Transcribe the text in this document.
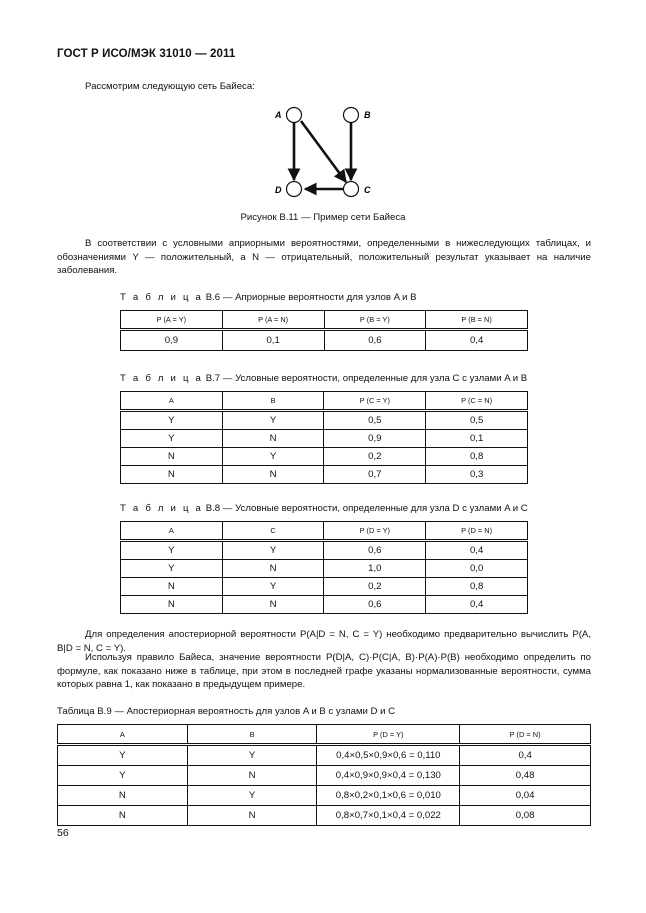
ГОСТ Р ИСО/МЭК 31010 — 2011
Рассмотрим следующую сеть Байеса:
A	B
C
D
Рисунок В.11 — Пример сети Байеса
В соответствии с условными априорными вероятностями, определенными в нижеследующих таблицах, и обозначениями Y — положительный, а N — отрицательный, положительный результат указывает на наличие заболевания.
Т а б л и ц а В.6 — Априорные вероятности для узлов A и B
P (A = Y)	P (A = N)	P (B = Y)	P (B = N)
0,9	0,1	0,6	0,4
Т а б л и ц а В.7 — Условные вероятности, определенные для узла C с узлами A и B
A	B	P (C = Y)	P (C = N)
Y	Y	0,5	0,5
Y	N	0,9	0,1
N	Y	0,2	0,8
N	N	0,7	0,3
Т а б л и ц а В.8 — Условные вероятности, определенные для узла D с узлами A и C
A	C	P (D = Y)	P (D = N)
Y	Y	0,6	0,4
Y	N	1,0	0,0
N	Y	0,2	0,8
N	N	0,6	0,4
Для определения апостериорной вероятности P(A|D = N, C = Y) необходимо предварительно вычислить P(A, B|D = N, C = Y).
Используя правило Байеса, значение вероятности P(D|A, C)·P(C|A, B)·P(A)·P(B) необходимо определить по формуле, как показано ниже в таблице, при этом в последней графе указаны нормализованные вероятности, сумма которых равна 1, как показано в предыдущем примере.
Таблица В.9 — Апостериорная вероятность для узлов A и B с узлами D и C
A	B	P (D = Y)	P (D = N)
Y	Y	0,4×0,5×0,9×0,6 = 0,110	0,4
Y	N	0,4×0,9×0,9×0,4 = 0,130	0,48
N	Y	0,8×0,2×0,1×0,6 = 0,010	0,04
N	N	0,8×0,7×0,1×0,4 = 0,022	0,08
56
